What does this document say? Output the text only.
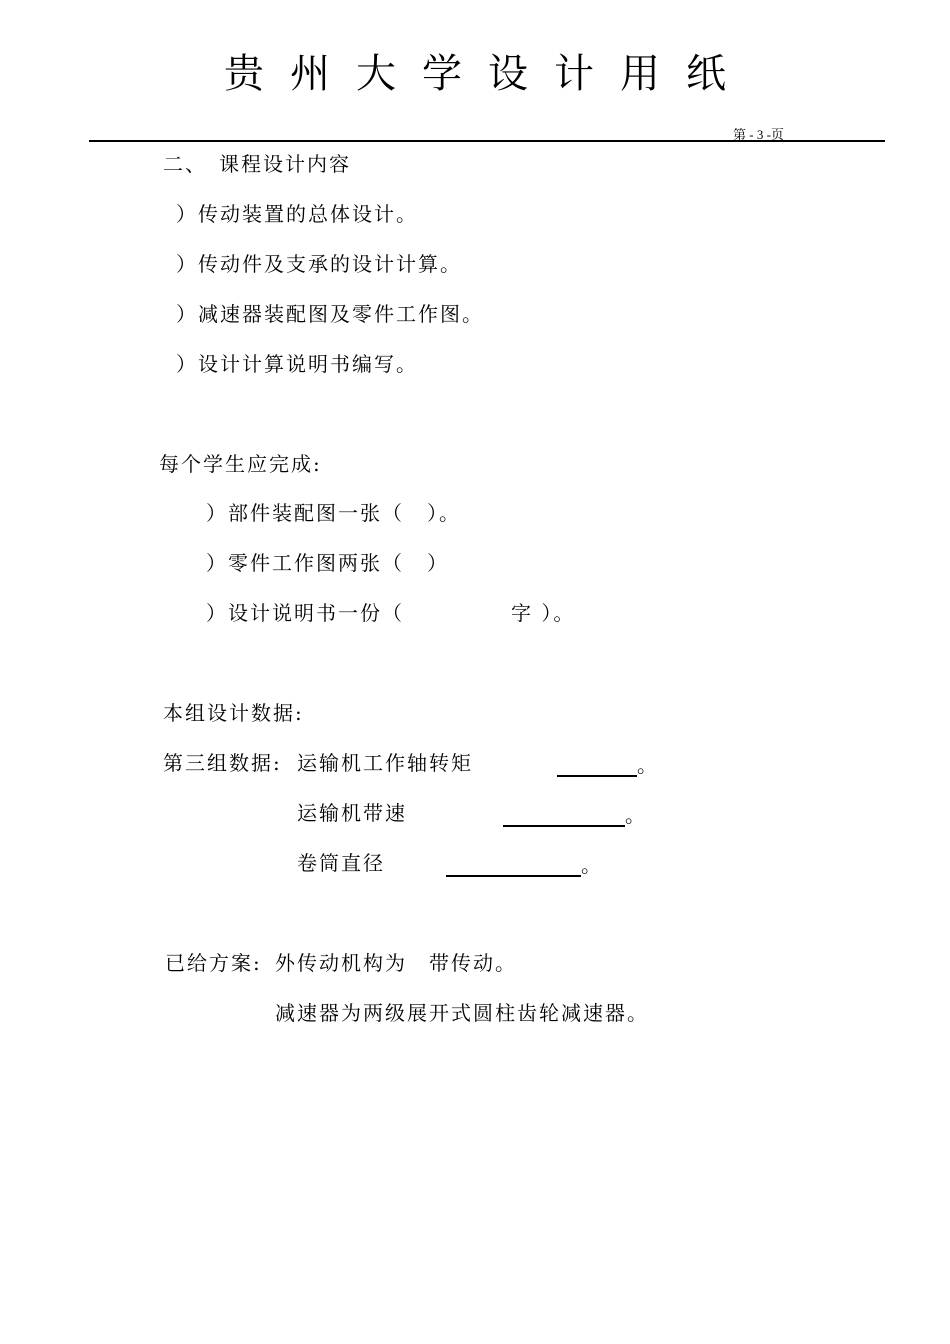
贵州大学设计用纸
第 - 3 -页
二、　课程设计内容
）传动装置的总体设计。
）传动件及支承的设计计算。
）减速器装配图及零件工作图。
）设计计算说明书编写。
每个学生应完成:
）部件装配图一张（ ）。
）零件工作图两张（ ）
）设计说明书一份（	字 ）。
本组设计数据:
第三组数据: 运输机工作轴转矩	。
运输机带速	。
卷筒直径	。
已给方案: 外传动机构为　带传动。
减速器为两级展开式圆柱齿轮减速器。
